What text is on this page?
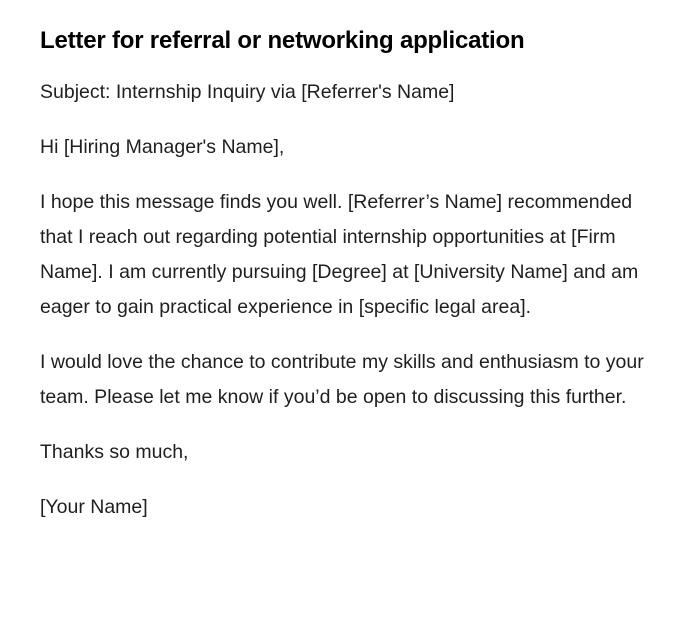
Letter for referral or networking application

Subject: Internship Inquiry via [Referrer's Name]

Hi [Hiring Manager's Name],

I hope this message finds you well. [Referrer’s Name] recommended that I reach out regarding potential internship opportunities at [Firm Name]. I am currently pursuing [Degree] at [University Name] and am eager to gain practical experience in [specific legal area].

I would love the chance to contribute my skills and enthusiasm to your team. Please let me know if you’d be open to discussing this further.

Thanks so much,

[Your Name]
